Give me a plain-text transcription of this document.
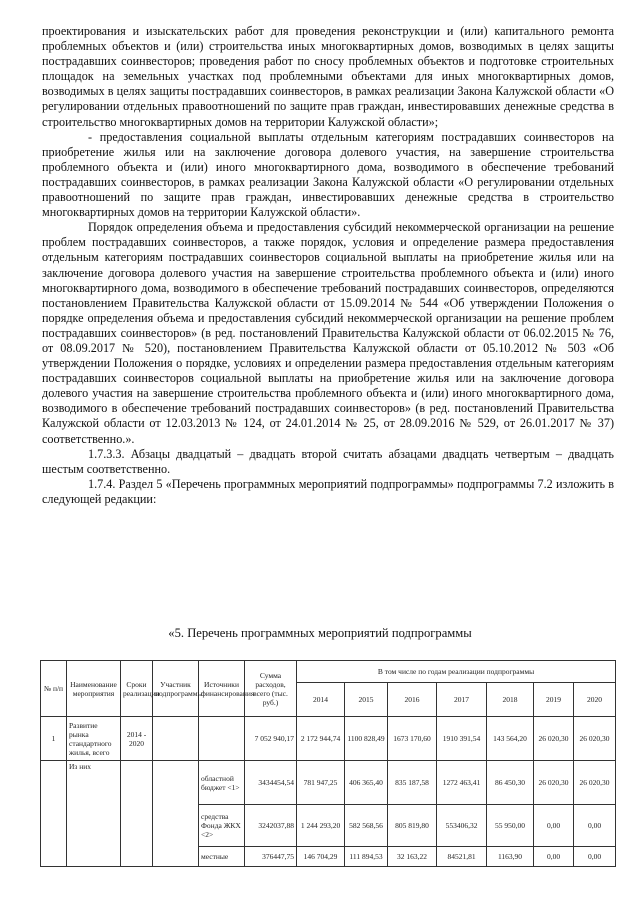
проектирования и изыскательских работ для проведения реконструкции и (или) капитального ремонта проблемных объектов и (или) строительства иных многоквартирных домов, возводимых в целях защиты пострадавших соинвесторов; проведения работ по сносу проблемных объектов и подготовке строительных площадок на земельных участках под проблемными объектами для иных многоквартирных домов, возводимых в целях защиты пострадавших соинвесторов, в рамках реализации Закона Калужской области «О регулировании отдельных правоотношений по защите прав граждан, инвестировавших денежные средства в строительство многоквартирных домов на территории Калужской области»;

- предоставления социальной выплаты отдельным категориям пострадавших соинвесторов на приобретение жилья или на заключение договора долевого участия, на завершение строительства проблемного объекта и (или) иного многоквартирного дома, возводимого в обеспечение требований пострадавших соинвесторов, в рамках реализации Закона Калужской области «О регулировании отдельных правоотношений по защите прав граждан, инвестировавших денежные средства в строительство многоквартирных домов на территории Калужской области».

Порядок определения объема и предоставления субсидий некоммерческой организации на решение проблем пострадавших соинвесторов, а также порядок, условия и определение размера предоставления отдельным категориям пострадавших соинвесторов социальной выплаты на приобретение жилья или на заключение договора долевого участия на завершение строительства проблемного объекта и (или) иного многоквартирного дома, возводимого в обеспечение требований пострадавших соинвесторов, определяются постановлением Правительства Калужской области от 15.09.2014 № 544 «Об утверждении Положения о порядке определения объема и предоставления субсидий некоммерческой организации на решение проблем пострадавших соинвесторов» (в ред. постановлений Правительства Калужской области от 06.02.2015 № 76, от 08.09.2017 № 520), постановлением Правительства Калужской области от 05.10.2012 № 503 «Об утверждении Положения о порядке, условиях и определении размера предоставления отдельным категориям пострадавших соинвесторов социальной выплаты на приобретение жилья или на заключение договора долевого участия на завершение строительства проблемного объекта и (или) иного многоквартирного дома, возводимого в обеспечение требований пострадавших соинвесторов» (в ред. постановлений Правительства Калужской области от 12.03.2013 № 124, от 24.01.2014 № 25, от 28.09.2016 № 529, от 26.01.2017 № 37) соответственно.».

1.7.3.3. Абзацы двадцатый – двадцать второй считать абзацами двадцать четвертым – двадцать шестым соответственно.

1.7.4. Раздел 5 «Перечень программных мероприятий подпрограммы» подпрограммы 7.2 изложить в следующей редакции:

«5. Перечень программных мероприятий подпрограммы
№ п/п	Наименование мероприятия	Сроки реализации	Участник подпрограммы	Источники финансирования	Сумма расходов, всего (тыс. руб.)	В том числе по годам реализации подпрограммы						
						2014	2015	2016	2017	2018	2019	2020
1	Развитие рынка стандартного жилья, всего	2014 - 2020			7 052 940,17	2 172 944,74	1100 828,49	1673 170,60	1910 391,54	143 564,20	26 020,30	26 020,30
	Из них			областной бюджет <1>	3434454,54	781 947,25	406 365,40	835 187,58	1272 463,41	86 450,30	26 020,30	26 020,30
				средства Фонда ЖКХ <2>	3242037,88	1 244 293,20	582 568,56	805 819,80	553406,32	55 950,00	0,00	0,00
				местные	376447,75	146 704,29	111 894,53	32 163,22	84521,81	1163,90	0,00	0,00
